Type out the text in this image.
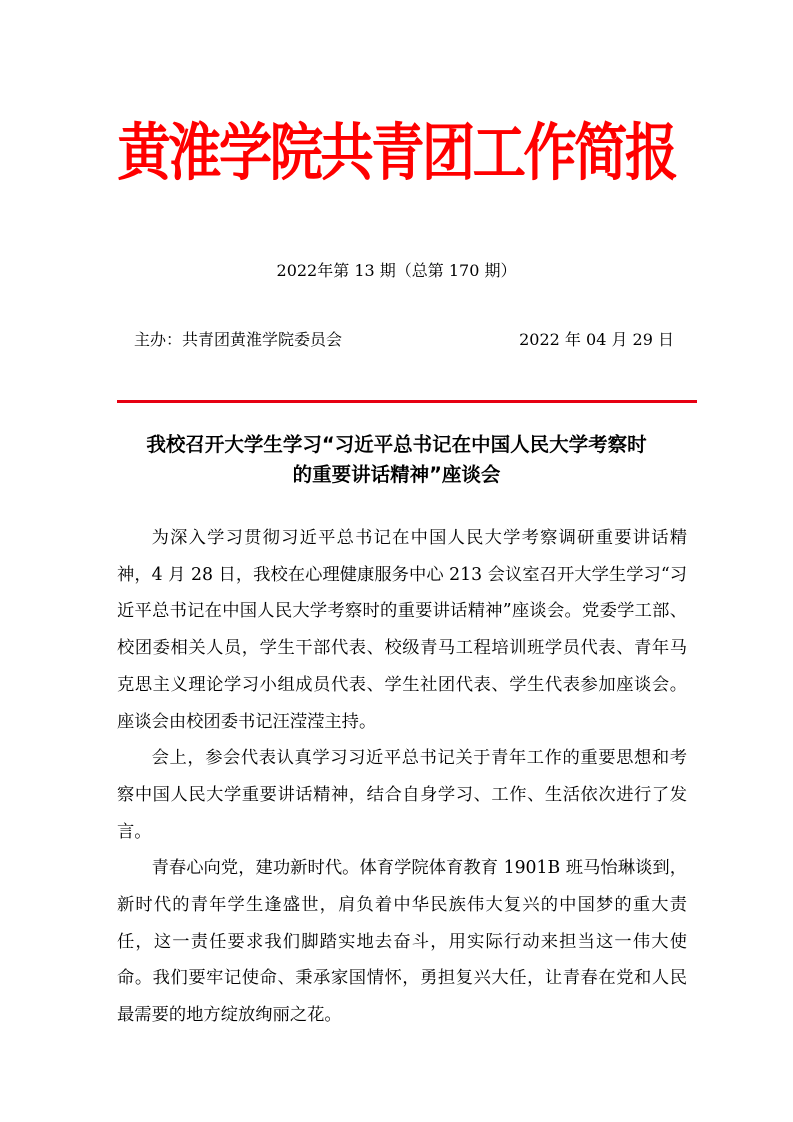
黄淮学院共青团工作简报
2022年第 13 期（总第 170 期）
主办：共青团黄淮学院委员会	2022 年 04 月 29 日
我校召开大学生学习“习近平总书记在中国人民大学考察时
的重要讲话精神”座谈会

为深入学习贯彻习近平总书记在中国人民大学考察调研重要讲话精神，4 月 28 日，我校在心理健康服务中心 213 会议室召开大学生学习“习近平总书记在中国人民大学考察时的重要讲话精神”座谈会。党委学工部、校团委相关人员，学生干部代表、校级青马工程培训班学员代表、青年马克思主义理论学习小组成员代表、学生社团代表、学生代表参加座谈会。座谈会由校团委书记汪滢滢主持。

会上，参会代表认真学习习近平总书记关于青年工作的重要思想和考察中国人民大学重要讲话精神，结合自身学习、工作、生活依次进行了发言。

青春心向党，建功新时代。体育学院体育教育 1901B 班马怡琳谈到，新时代的青年学生逢盛世，肩负着中华民族伟大复兴的中国梦的重大责任，这一责任要求我们脚踏实地去奋斗，用实际行动来担当这一伟大使命。我们要牢记使命、秉承家国情怀，勇担复兴大任，让青春在党和人民最需要的地方绽放绚丽之花。
